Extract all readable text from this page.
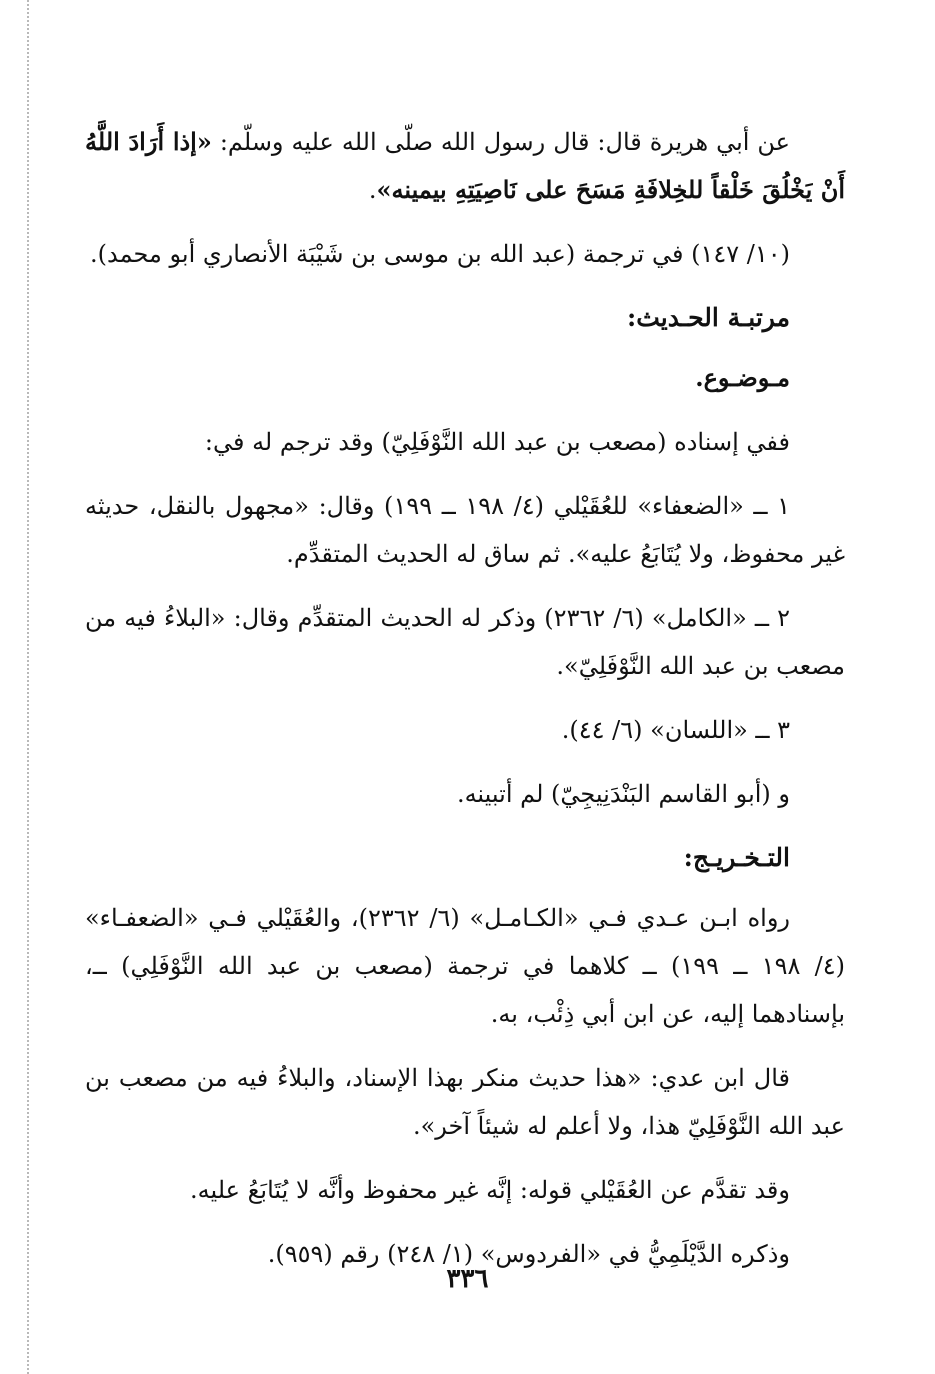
عن أبي هريرة قال: قال رسول الله صلّى الله عليه وسلّم: «إذا أَرَادَ اللَّهُ أَنْ يَخْلُقَ خَلْقاً للخِلافَةِ مَسَحَ على نَاصِيَتِهِ بيمينه».

(١٠/ ١٤٧) في ترجمة (عبد الله بن موسى بن شَيْبَة الأنصاري أبو محمد).

مرتبـة الحـديث:

مـوضـوع.

ففي إسناده (مصعب بن عبد الله النَّوْفَلِيّ) وقد ترجم له في:

١ ــ «الضعفاء» للعُقَيْلي (٤/ ١٩٨ ــ ١٩٩) وقال: «مجهول بالنقل، حديثه غير محفوظ، ولا يُتَابَعُ عليه». ثم ساق له الحديث المتقدِّم.

٢ ــ «الكامل» (٦/ ٢٣٦٢) وذكر له الحديث المتقدِّم وقال: «البلاءُ فيه من مصعب بن عبد الله النَّوْفَلِيّ».

٣ ــ «اللسان» (٦/ ٤٤).

و (أبو القاسم البَنْدَنِيجِيّ) لم أتبينه.

التـخـريـج:

رواه ابـن عـدي فـي «الكـامـل» (٦/ ٢٣٦٢)، والعُقَيْلي فـي «الضعفـاء» (٤/ ١٩٨ ــ ١٩٩) ــ كلاهما في ترجمة (مصعب بن عبد الله النَّوْفَلِي) ــ، بإسنادهما إليه، عن ابن أبي ذِئْب، به.

قال ابن عدي: «هذا حديث منكر بهذا الإسناد، والبلاءُ فيه من مصعب بن عبد الله النَّوْفَلِيّ هذا، ولا أعلم له شيئاً آخر».

وقد تقدَّم عن العُقَيْلي قوله: إنَّه غير محفوظ وأنَّه لا يُتَابَعُ عليه.

وذكره الدَّيْلَمِيُّ في «الفردوس» (١/ ٢٤٨) رقم (٩٥٩).

٣٣٦
